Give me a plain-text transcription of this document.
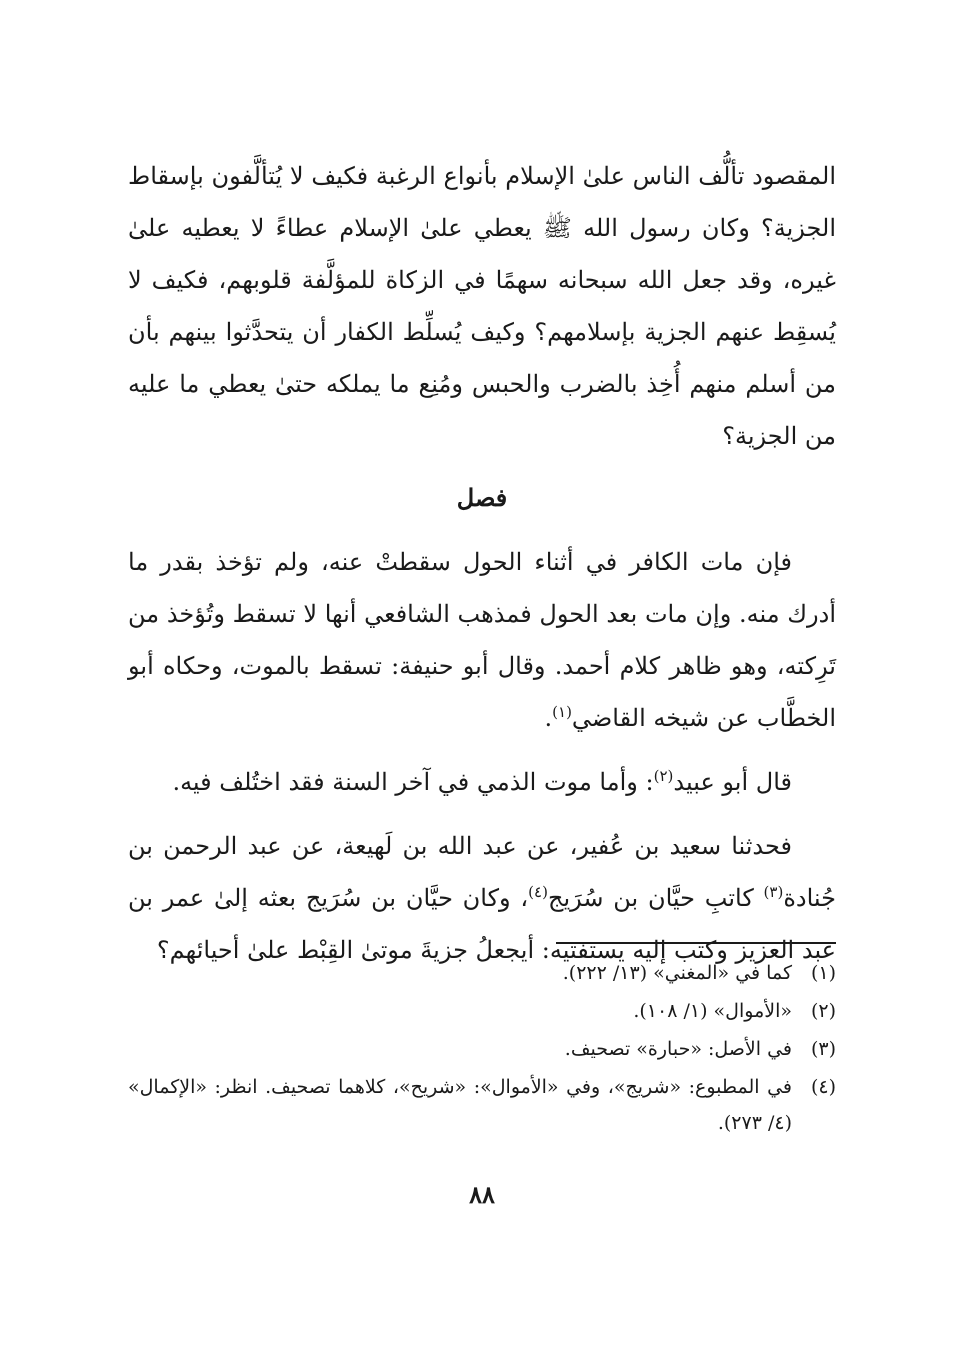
المقصود تألُّف الناس علىٰ الإسلام بأنواع الرغبة فكيف لا يُتألَّفون بإسقاط الجزية؟ وكان رسول الله ﷺ يعطي علىٰ الإسلام عطاءً لا يعطيه علىٰ غيره، وقد جعل الله سبحانه سهمًا في الزكاة للمؤلَّفة قلوبهم، فكيف لا يُسقِط عنهم الجزية بإسلامهم؟ وكيف يُسلِّط الكفار أن يتحدَّثوا بينهم بأن من أسلم منهم أُخِذ بالضرب والحبس ومُنِع ما يملكه حتىٰ يعطي ما عليه من الجزية؟

فصل

فإن مات الكافر في أثناء الحول سقطتْ عنه، ولم تؤخذ بقدر ما أدرك منه. وإن مات بعد الحول فمذهب الشافعي أنها لا تسقط وتُؤخذ من تَرِكته، وهو ظاهر كلام أحمد. وقال أبو حنيفة: تسقط بالموت، وحكاه أبو الخطَّاب عن شيخه القاضي$^{(١)}$.

قال أبو عبيد$^{(٢)}$: وأما موت الذمي في آخر السنة فقد اختُلف فيه.

فحدثنا سعيد بن عُفير، عن عبد الله بن لَهيعة، عن عبد الرحمن بن جُنادة$^{(٣)}$ كاتبِ حيَّان بن سُرَيج$^{(٤)}$، وكان حيَّان بن سُرَيج بعثه إلىٰ عمر بن عبد العزيز وكتب إليه يستفتيه: أيجعلُ جزيةَ موتىٰ القِبْط علىٰ أحيائهم؟

(١)
كما في «المغني» (١٣/ ٢٢٢).
(٢)
«الأموال» (١/ ١٠٨).
(٣)
في الأصل: «حبارة» تصحيف.
(٤)
في المطبوع: «شريج»، وفي «الأموال»: «شريح»، كلاهما تصحيف. انظر: «الإكمال» (٤/ ٢٧٣).
٨٨
